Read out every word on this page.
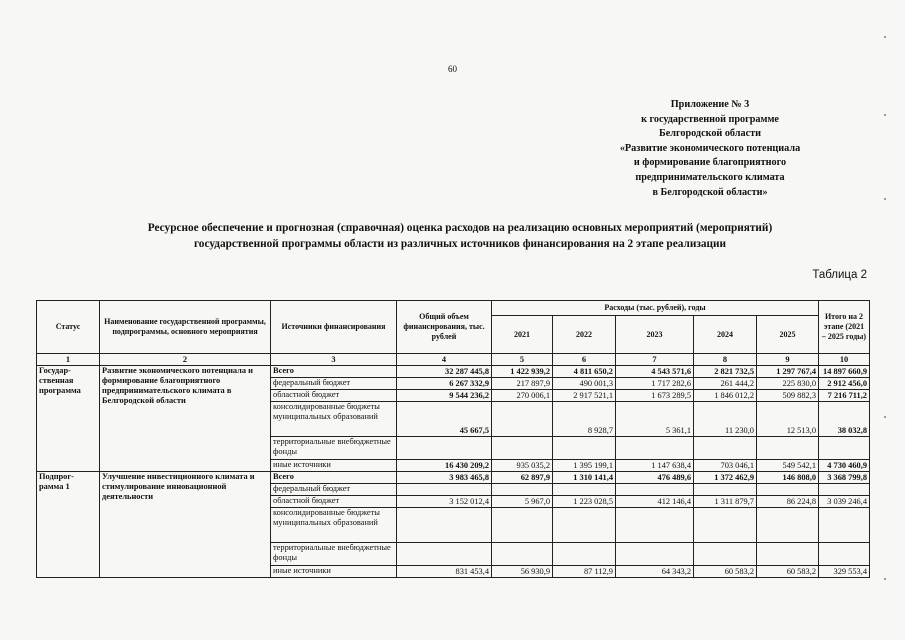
60
Приложение № 3
к государственной программе
Белгородской области
«Развитие экономического потенциала
и формирование благоприятного
предпринимательского климата
в Белгородской области»
Ресурсное обеспечение и прогнозная (справочная) оценка расходов на реализацию основных мероприятий (мероприятий)
государственной программы области из различных источников финансирования на 2 этапе реализации
Таблица 2
Статус	Наименование государственной программы, подпрограммы, основного мероприятия	Источники финансирования	Общий объем финансирования, тыс. рублей	Расходы (тыс. рублей), годы					Итого на 2 этапе (2021 – 2025 годы)
				2021	2022	2023	2024	2025	
1	2	3	4	5	6	7	8	9	10
Государ-ственная программа	Развитие экономического потенциала и формирование благоприятного предпринимательского климата в Белгородской области	Всего	32 287 445,8	1 422 939,2	4 811 650,2	4 543 571,6	2 821 732,5	1 297 767,4	14 897 660,9
		федеральный бюджет	6 267 332,9	217 897,9	490 001,3	1 717 282,6	261 444,2	225 830,0	2 912 456,0
		областной бюджет	9 544 236,2	270 006,1	2 917 521,1	1 673 289,5	1 846 012,2	509 882,3	7 216 711,2
		консолидированные бюджеты муниципальных образований	45 667,5		8 928,7	5 361,1	11 230,0	12 513,0	38 032,8
		территориальные внебюджетные фонды							
		иные источники	16 430 209,2	935 035,2	1 395 199,1	1 147 638,4	703 046,1	549 542,1	4 730 460,9
Подпрог-рамма 1	Улучшение инвестиционного климата и стимулирование инновационной деятельности	Всего	3 983 465,8	62 897,9	1 310 141,4	476 489,6	1 372 462,9	146 808,0	3 368 799,8
		федеральный бюджет							
		областной бюджет	3 152 012,4	5 967,0	1 223 028,5	412 146,4	1 311 879,7	86 224,8	3 039 246,4
		консолидированные бюджеты муниципальных образований							
		территориальные внебюджетные фонды							
		иные источники	831 453,4	56 930,9	87 112,9	64 343,2	60 583,2	60 583,2	329 553,4
